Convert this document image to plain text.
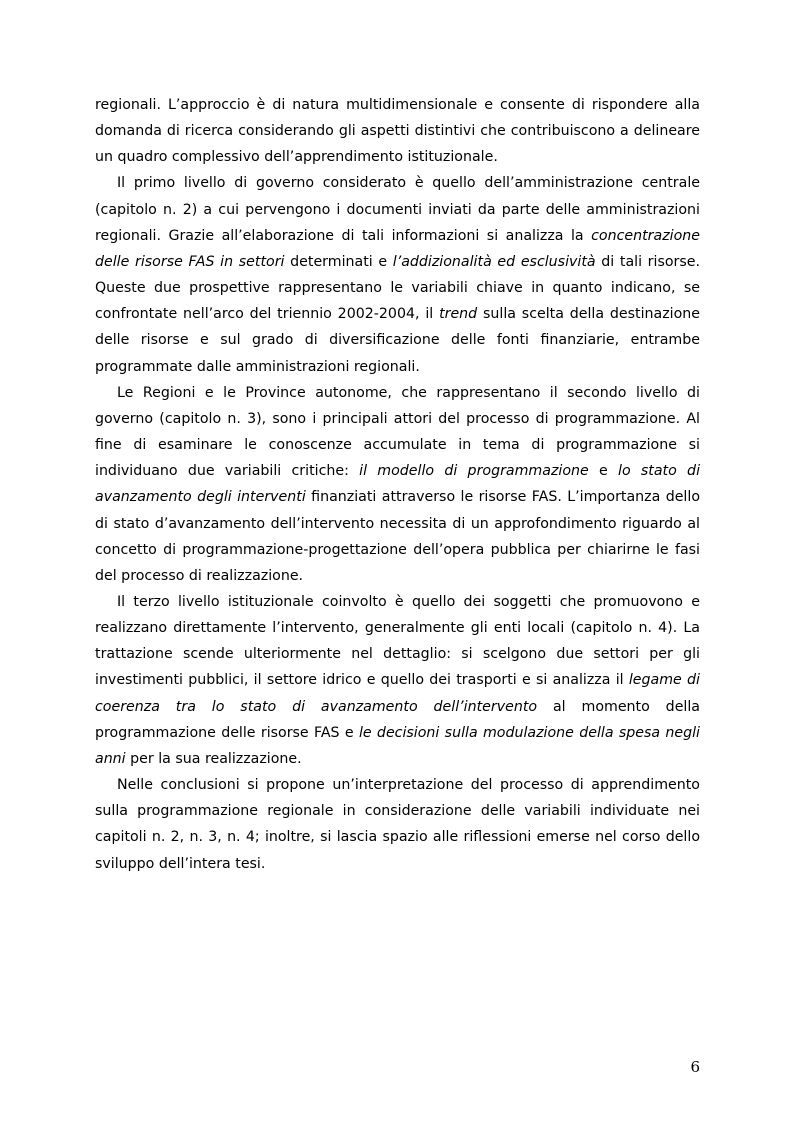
regionali. L’approccio è di natura multidimensionale e consente di rispondere alla domanda di ricerca considerando gli aspetti distintivi che contribuiscono a delineare un quadro complessivo dell’apprendimento istituzionale.

Il primo livello di governo considerato è quello dell’amministrazione centrale (capitolo n. 2) a cui pervengono i documenti inviati da parte delle amministrazioni regionali. Grazie all’elaborazione di tali informazioni si analizza la concentrazione delle risorse FAS in settori determinati e l’addizionalità ed esclusività di tali risorse. Queste due prospettive rappresentano le variabili chiave in quanto indicano, se confrontate nell’arco del triennio 2002-2004, il trend sulla scelta della destinazione delle risorse e sul grado di diversificazione delle fonti finanziarie, entrambe programmate dalle amministrazioni regionali.

Le Regioni e le Province autonome, che rappresentano il secondo livello di governo (capitolo n. 3), sono i principali attori del processo di programmazione. Al fine di esaminare le conoscenze accumulate in tema di programmazione si individuano due variabili critiche: il modello di programmazione e lo stato di avanzamento degli interventi finanziati attraverso le risorse FAS. L’importanza dello di stato d’avanzamento dell’intervento necessita di un approfondimento riguardo al concetto di programmazione-progettazione dell’opera pubblica per chiarirne le fasi del processo di realizzazione.

Il terzo livello istituzionale coinvolto è quello dei soggetti che promuovono e realizzano direttamente l’intervento, generalmente gli enti locali (capitolo n. 4). La trattazione scende ulteriormente nel dettaglio: si scelgono due settori per gli investimenti pubblici, il settore idrico e quello dei trasporti e si analizza il legame di coerenza tra lo stato di avanzamento dell’intervento al momento della programmazione delle risorse FAS e le decisioni sulla modulazione della spesa negli anni per la sua realizzazione.

Nelle conclusioni si propone un’interpretazione del processo di apprendimento sulla programmazione regionale in considerazione delle variabili individuate nei capitoli n. 2, n. 3, n. 4; inoltre, si lascia spazio alle riflessioni emerse nel corso dello sviluppo dell’intera tesi.

6
